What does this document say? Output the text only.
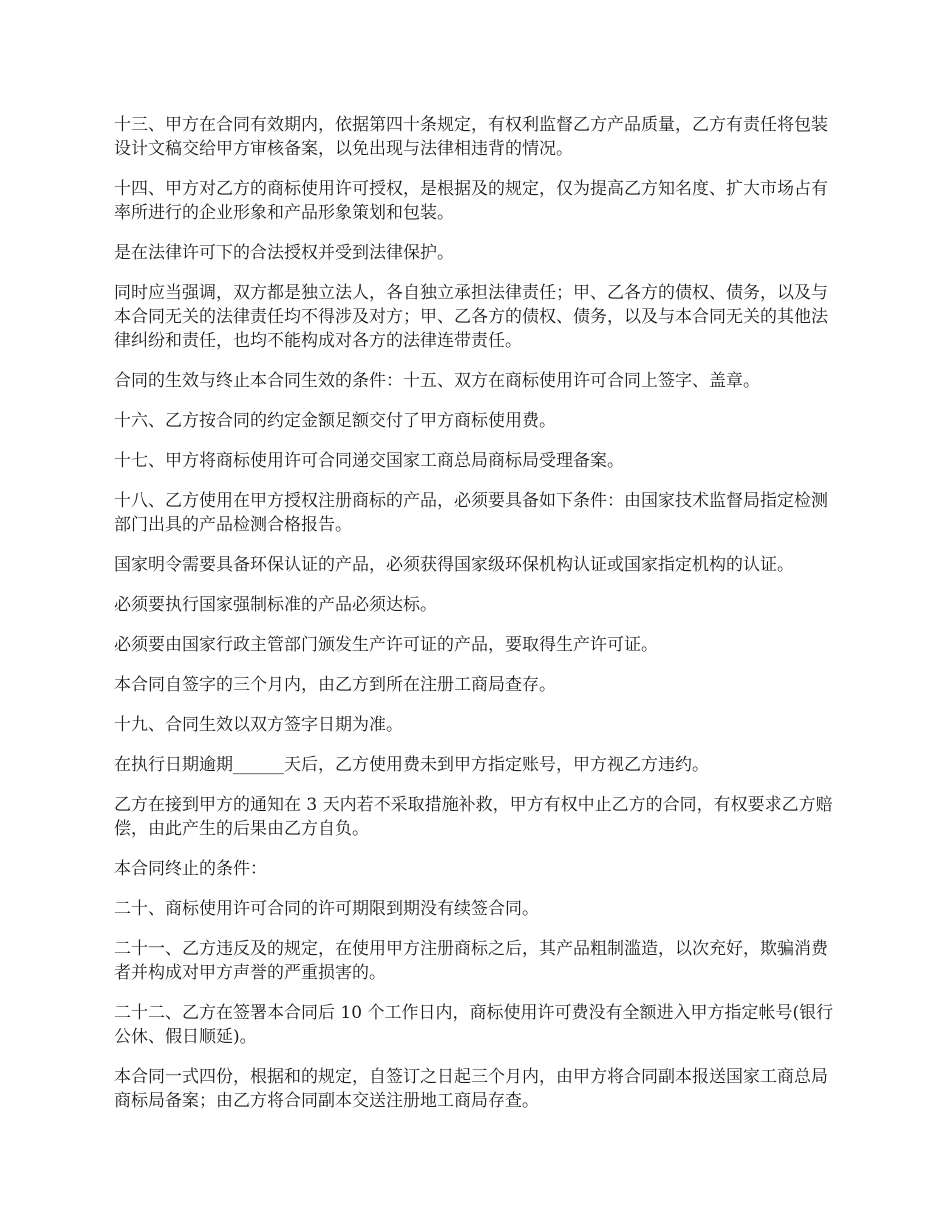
十三、甲方在合同有效期内，依据第四十条规定，有权利监督乙方产品质量，乙方有责任将包装设计文稿交给甲方审核备案，以免出现与法律相违背的情况。

十四、甲方对乙方的商标使用许可授权，是根据及的规定，仅为提高乙方知名度、扩大市场占有率所进行的企业形象和产品形象策划和包装。

是在法律许可下的合法授权并受到法律保护。

同时应当强调，双方都是独立法人，各自独立承担法律责任；甲、乙各方的债权、债务，以及与本合同无关的法律责任均不得涉及对方；甲、乙各方的债权、债务，以及与本合同无关的其他法律纠纷和责任，也均不能构成对各方的法律连带责任。

合同的生效与终止本合同生效的条件：十五、双方在商标使用许可合同上签字、盖章。

十六、乙方按合同的约定金额足额交付了甲方商标使用费。

十七、甲方将商标使用许可合同递交国家工商总局商标局受理备案。

十八、乙方使用在甲方授权注册商标的产品，必须要具备如下条件：由国家技术监督局指定检测部门出具的产品检测合格报告。

国家明令需要具备环保认证的产品，必须获得国家级环保机构认证或国家指定机构的认证。

必须要执行国家强制标准的产品必须达标。

必须要由国家行政主管部门颁发生产许可证的产品，要取得生产许可证。

本合同自签字的三个月内，由乙方到所在注册工商局查存。

十九、合同生效以双方签字日期为准。

在执行日期逾期______天后，乙方使用费未到甲方指定账号，甲方视乙方违约。

乙方在接到甲方的通知在 3 天内若不采取措施补救，甲方有权中止乙方的合同，有权要求乙方赔偿，由此产生的后果由乙方自负。

本合同终止的条件：

二十、商标使用许可合同的许可期限到期没有续签合同。

二十一、乙方违反及的规定，在使用甲方注册商标之后，其产品粗制滥造，以次充好，欺骗消费者并构成对甲方声誉的严重损害的。

二十二、乙方在签署本合同后 10 个工作日内，商标使用许可费没有全额进入甲方指定帐号(银行公休、假日顺延)。

本合同一式四份，根据和的规定，自签订之日起三个月内，由甲方将合同副本报送国家工商总局商标局备案；由乙方将合同副本交送注册地工商局存查。
